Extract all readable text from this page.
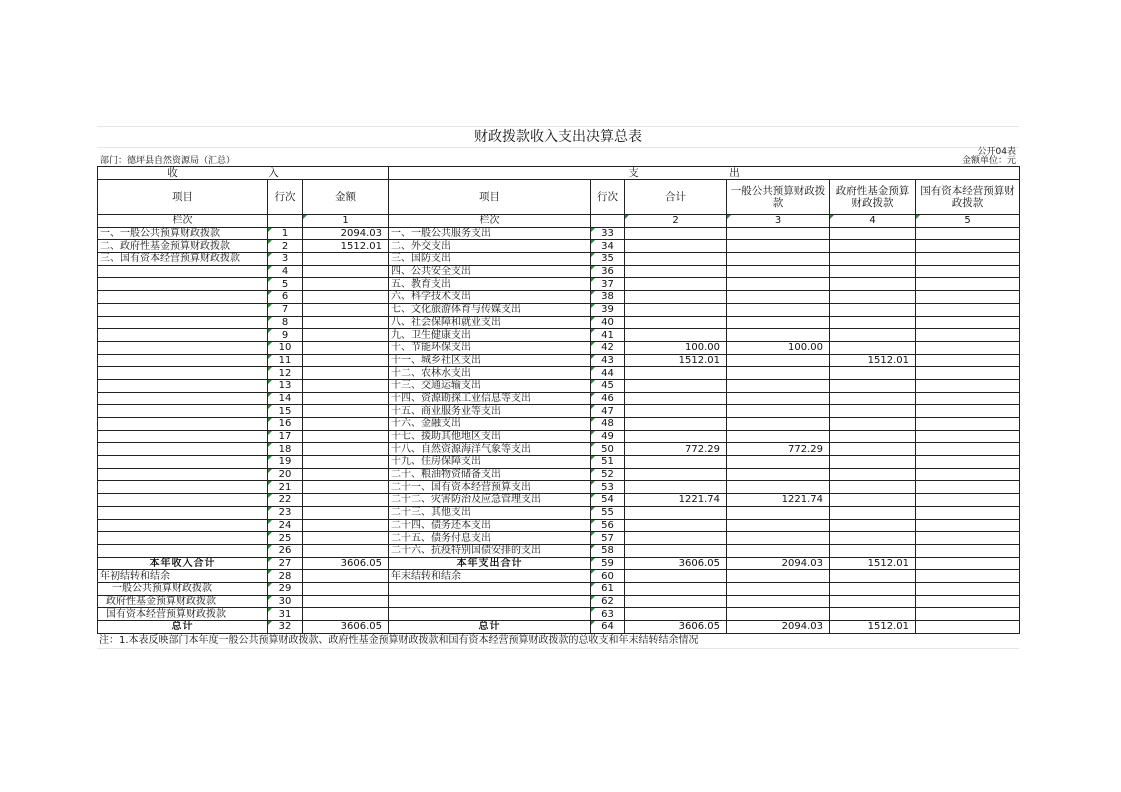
财政拨款收入支出决算总表
公开04表
部门：德坪县自然资源局（汇总）	金额单位：元
收　入			支　出					
项目	行次	金额	项目	行次	合计	一般公共预算财政拨款	政府性基金预算财政拨款	国有资本经营预算财政拨款
栏次		1	栏次		2	3	4	5
一、一般公共预算财政拨款	1	2094.03	一、一般公共服务支出	33				
二、政府性基金预算财政拨款	2	1512.01	二、外交支出	34				
三、国有资本经营预算财政拨款	3		三、国防支出	35				
	4		四、公共安全支出	36				
	5		五、教育支出	37				
	6		六、科学技术支出	38				
	7		七、文化旅游体育与传媒支出	39				
	8		八、社会保障和就业支出	40				
	9		九、卫生健康支出	41				
	10		十、节能环保支出	42	100.00	100.00		
	11		十一、城乡社区支出	43	1512.01		1512.01	
	12		十二、农林水支出	44				
	13		十三、交通运输支出	45				
	14		十四、资源勘探工业信息等支出	46				
	15		十五、商业服务业等支出	47				
	16		十六、金融支出	48				
	17		十七、援助其他地区支出	49				
	18		十八、自然资源海洋气象等支出	50	772.29	772.29		
	19		十九、住房保障支出	51				
	20		二十、粮油物资储备支出	52				
	21		二十一、国有资本经营预算支出	53				
	22		二十二、灾害防治及应急管理支出	54	1221.74	1221.74		
	23		二十三、其他支出	55				
	24		二十四、债务还本支出	56				
	25		二十五、债务付息支出	57				
	26		二十六、抗疫特别国债安排的支出	58				
本年收入合计	27	3606.05	本年支出合计	59	3606.05	2094.03	1512.01	
年初结转和结余	28		年末结转和结余	60				
一般公共预算财政拨款	29			61				
政府性基金预算财政拨款	30			62				
国有资本经营预算财政拨款	31			63				
总计	32	3606.05	总计	64	3606.05	2094.03	1512.01	
注：1.本表反映部门本年度一般公共预算财政拨款、政府性基金预算财政拨款和国有资本经营预算财政拨款的总收支和年末结转结余情况
